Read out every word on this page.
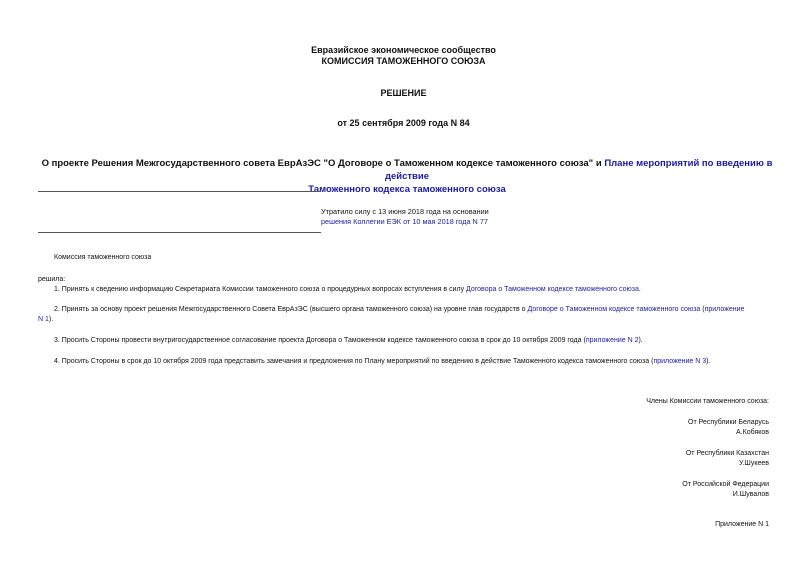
Евразийское экономическое сообщество
КОМИССИЯ ТАМОЖЕННОГО СОЮЗА
РЕШЕНИЕ
от 25 сентября 2009 года N 84
О проекте Решения Межгосударственного совета ЕврАзЭС "О Договоре о Таможенном кодексе таможенного союза" и Плане мероприятий по введению в действие
Таможенного кодекса таможенного союза
Утратило силу с 13 июня 2018 года на основании
решения Коллегии ЕЭК от 10 мая 2018 года N 77
Комиссия таможенного союза
решила:
1. Принять к сведению информацию Секретариата Комиссии таможенного союза о процедурных вопросах вступления в силу Договора о Таможенном кодексе таможенного союза.
2. Принять за основу проект решения Межгосударственного Совета ЕврАзЭС (высшего органа таможенного союза) на уровне глав государств о Договоре о Таможенном кодексе таможенного союза (приложение
N 1).
3. Просить Стороны провести внутригосударственное согласование проекта Договора о Таможенном кодексе таможенного союза в срок до 10 октября 2009 года (приложение N 2).
4. Просить Стороны в срок до 10 октября 2009 года представить замечания и предложения по Плану мероприятий по введению в действие Таможенного кодекса таможенного союза (приложение N 3).
Члены Комиссии таможенного союза:
От Республики Беларусь
А.Кобяков
От Республики Казахстан
У.Шукеев
От Российской Федерации
И.Шувалов
Приложение N 1
